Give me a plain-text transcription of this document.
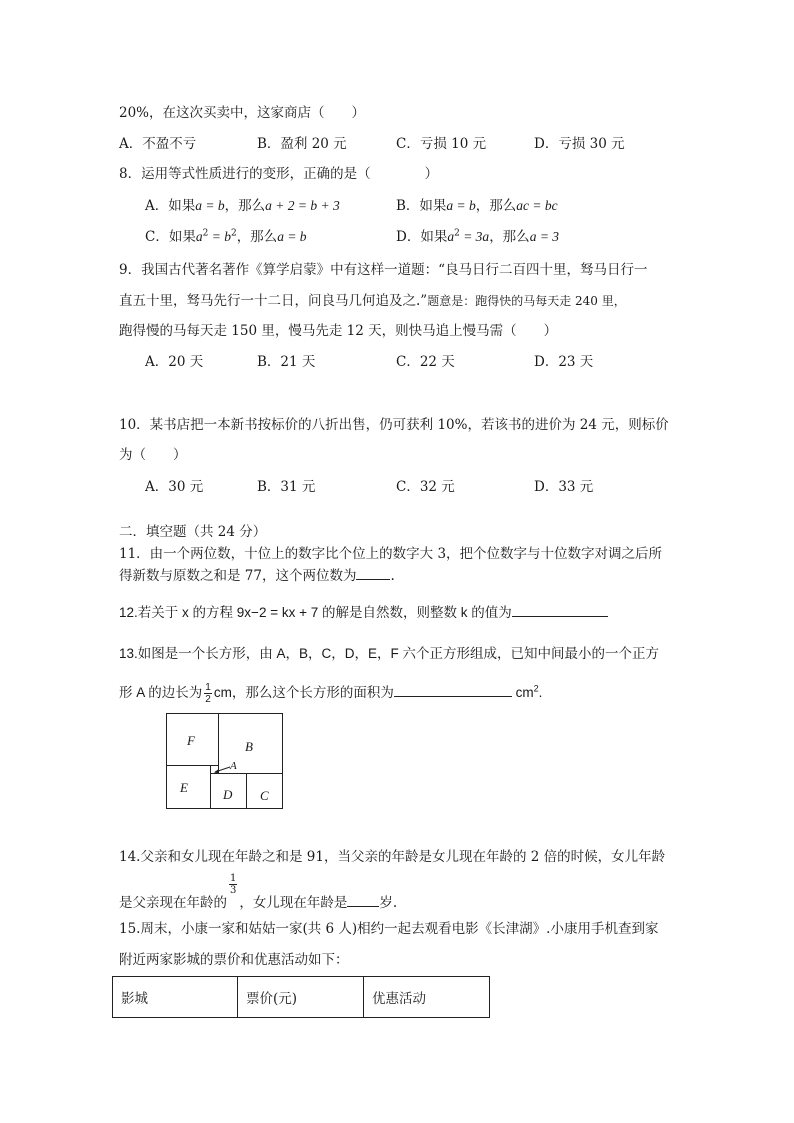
20%，在这次买卖中，这家商店（　　）
A．不盈不亏	B．盈利 20 元	C．亏损 10 元	D．亏损 30 元
8．运用等式性质进行的变形，正确的是（　　　　）
A．如果a = b，那么a + 2 = b + 3	B．如果a = b，那么ac = bc
C．如果$a^2 = b^2$，那么a = b	D．如果$a^2 = 3a$，那么a = 3
9．我国古代著名著作《算学启蒙》中有这样一道题：“良马日行二百四十里，驽马日行一
直五十里，驽马先行一十二日，问良马几何追及之.”题意是：跑得快的马每天走 240 里，
跑得慢的马每天走 150 里，慢马先走 12 天，则快马追上慢马需（　　）
A．20 天	B．21 天	C．22 天	D．23 天
10．某书店把一本新书按标价的八折出售，仍可获利 10%，若该书的进价为 24 元，则标价
为（　　）
A．30 元	B．31 元	C．32 元	D．33 元
二．填空题（共 24 分）
11．由一个两位数，十位上的数字比个位上的数字大 3，把个位数字与十位数字对调之后所
得新数与原数之和是 77，这个两位数为	.
12.若关于 x 的方程 9x−2 = kx + 7 的解是自然数，则整数 k 的值为
13.如图是一个长方形，由 A，B，C，D，E，F 六个正方形组成，已知中间最小的一个正方
形 A 的边长为 $\frac{1}{2}$ cm，那么这个长方形的面积为	$cm^2$.
F	B
A
E	D C
14.父亲和女儿现在年龄之和是 91，当父亲的年龄是女儿现在年龄的 2 倍的时候，女儿年龄
是父亲现在年龄的
$\frac{1}{3}$
，女儿现在年龄是 岁.
15.周末，小康一家和姑姑一家(共 6 人)相约一起去观看电影《长津湖》.小康用手机查到家
附近两家影城的票价和优惠活动如下：
影城	票价(元)	优惠活动
